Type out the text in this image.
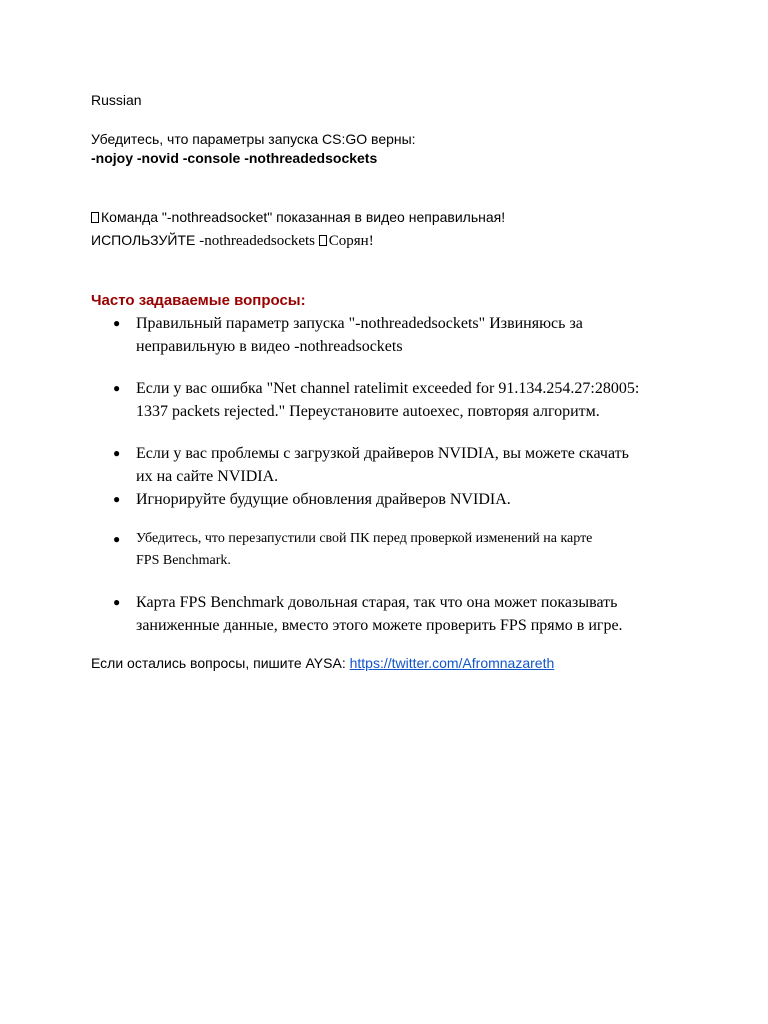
Russian
Убедитесь, что параметры запуска CS:GO верны:
-nojoy -novid -console -nothreadedsockets
Команда "-nothreadsocket" показанная в видео неправильная!
ИСПОЛЬЗУЙТЕ -nothreadedsockets Сорян!
Часто задаваемые вопросы:
● Правильный параметр запуска "-nothreadedsockets" Извиняюсь за
неправильную в видео -nothreadsockets
● Если у вас ошибка "Net channel ratelimit exceeded for 91.134.254.27:28005:
1337 packets rejected." Переустановите autoexec, повторяя алгоритм.
● Если у вас проблемы с загрузкой драйверов NVIDIA, вы можете скачать
их на сайте NVIDIA.
● Игнорируйте будущие обновления драйверов NVIDIA.
● Убедитесь, что перезапустили свой ПК перед проверкой изменений на карте
FPS Benchmark.
● Карта FPS Benchmark довольная старая, так что она может показывать
заниженные данные, вместо этого можете проверить FPS прямо в игре.
Если остались вопросы, пишите AYSA: https://twitter.com/Afromnazareth
